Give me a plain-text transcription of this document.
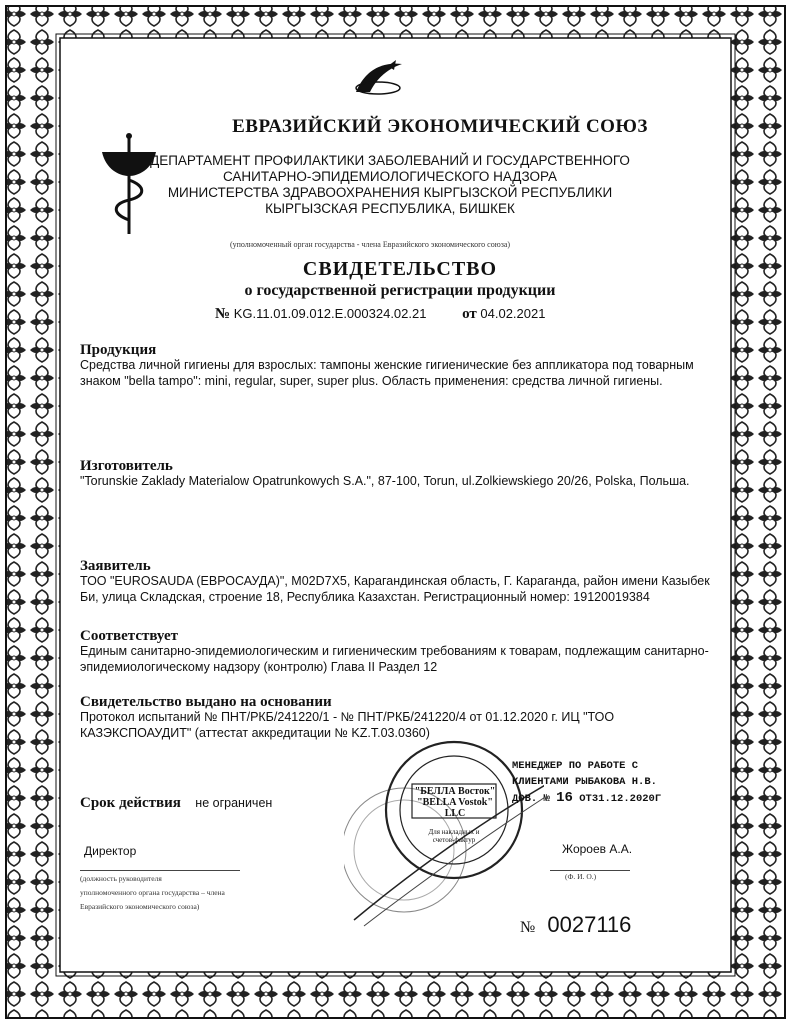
ЕВРАЗИЙСКИЙ ЭКОНОМИЧЕСКИЙ СОЮЗ
ДЕПАРТАМЕНТ ПРОФИЛАКТИКИ ЗАБОЛЕВАНИЙ И ГОСУДАРСТВЕННОГО
САНИТАРНО-ЭПИДЕМИОЛОГИЧЕСКОГО НАДЗОРА
МИНИСТЕРСТВА ЗДРАВООХРАНЕНИЯ КЫРГЫЗСКОЙ РЕСПУБЛИКИ
КЫРГЫЗСКАЯ РЕСПУБЛИКА, БИШКЕК
(уполномоченный орган государства - члена Евразийского экономического союза)
СВИДЕТЕЛЬСТВО
о государственной регистрации продукции
№ KG.11.01.09.012.E.000324.02.21 от 04.02.2021
Продукция

Средства личной гигиены для взрослых: тампоны женские гигиенические без аппликатора под товарным знаком "bella tampo": mini, regular, super, super plus. Область применения: средства личной гигиены.

Изготовитель

"Torunskie Zaklady Materialow Opatrunkowych S.A.", 87-100, Torun, ul.Zolkiewskiego 20/26, Polska, Польша.

Заявитель

ТОО "EUROSAUDA (ЕВРОСАУДА)", M02D7X5, Карагандинская область, Г. Караганда, район имени Казыбек Би, улица Складская, строение 18, Республика Казахстан. Регистрационный номер: 19120019384

Соответствует

Единым санитарно-эпидемиологическим и гигиеническим требованиям к товарам, подлежащим санитарно-эпидемиологическому надзору (контролю) Глава II Раздел 12

Свидетельство выдано на основании

Протокол испытаний № ПНТ/РКБ/241220/1 - № ПНТ/РКБ/241220/4 от 01.12.2020 г. ИЦ "ТОО КАЗЭКСПОАУДИТ" (аттестат аккредитации № KZ.T.03.0360)

Срок действия не ограничен
"БЕЛЛА Восток"
"BELLA Vostok"
LLC
Для накладных и
счетов-фактур
МЕНЕДЖЕР ПО РАБОТЕ С
КЛИЕНТАМИ РЫБАКОВА Н.В.
ДОВ. № 16 ОТ31.12.2020Г
Директор	Жороев А.А.
(должность руководителя
уполномоченного органа государства – члена
Евразийского экономического союза)
(Ф. И. О.)
№ 0027116
